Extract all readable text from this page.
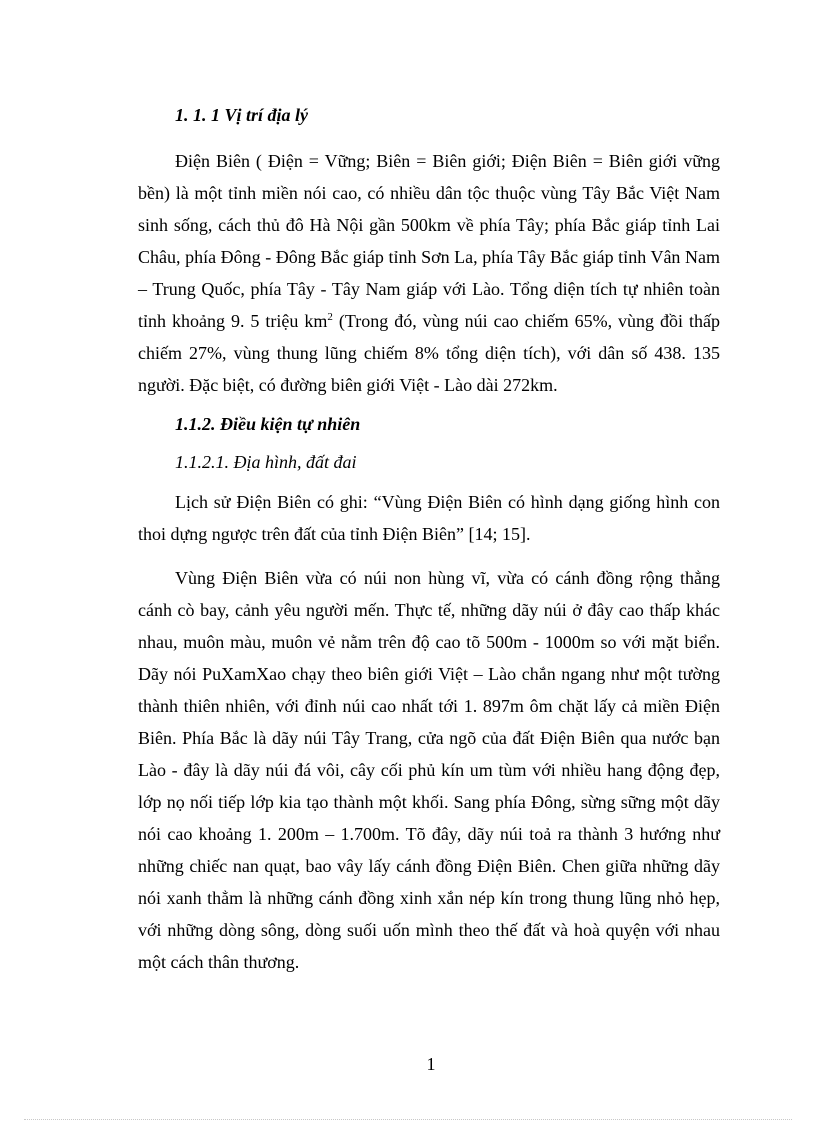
1. 1. 1 Vị trí địa lý

Điện Biên ( Điện = Vững; Biên = Biên giới; Điện Biên = Biên giới vững bền) là một tỉnh miền nói cao, có nhiều dân tộc thuộc vùng Tây Bắc Việt Nam sinh sống, cách thủ đô Hà Nội gần 500km về phía Tây; phía Bắc giáp tỉnh Lai Châu, phía Đông - Đông Bắc giáp tỉnh Sơn La, phía Tây Bắc giáp tỉnh Vân Nam – Trung Quốc, phía Tây - Tây Nam giáp với Lào. Tổng diện tích tự nhiên toàn tỉnh khoảng 9. 5 triệu $km^2$ (Trong đó, vùng núi cao chiếm 65%, vùng đồi thấp chiếm 27%, vùng thung lũng chiếm 8% tổng diện tích), với dân số 438. 135 người. Đặc biệt, có đường biên giới Việt - Lào dài 272km.

1.1.2. Điều kiện tự nhiên

1.1.2.1. Địa hình, đất đai

Lịch sử Điện Biên có ghi: “Vùng Điện Biên có hình dạng giống hình con thoi dựng ngược trên đất của tỉnh Điện Biên” [14; 15].

Vùng Điện Biên vừa có núi non hùng vĩ, vừa có cánh đồng rộng thẳng cánh cò bay, cảnh yêu người mến. Thực tế, những dãy núi ở đây cao thấp khác nhau, muôn màu, muôn vẻ nằm trên độ cao tõ 500m - 1000m so với mặt biển. Dãy nói PuXamXao chạy theo biên giới Việt – Lào chắn ngang như một tường thành thiên nhiên, với đỉnh núi cao nhất tới 1. 897m ôm chặt lấy cả miền Điện Biên. Phía Bắc là dãy núi Tây Trang, cửa ngõ của đất Điện Biên qua nước bạn Lào - đây là dãy núi đá vôi, cây cối phủ kín um tùm với nhiều hang động đẹp, lớp nọ nối tiếp lớp kia tạo thành một khối. Sang phía Đông, sừng sững một dãy nói cao khoảng 1. 200m – 1.700m. Tõ đây, dãy núi toả ra thành 3 hướng như những chiếc nan quạt, bao vây lấy cánh đồng Điện Biên. Chen giữa những dãy nói xanh thẳm là những cánh đồng xinh xắn nép kín trong thung lũng nhỏ hẹp, với những dòng sông, dòng suối uốn mình theo thế đất và hoà quyện với nhau một cách thân thương.

1
